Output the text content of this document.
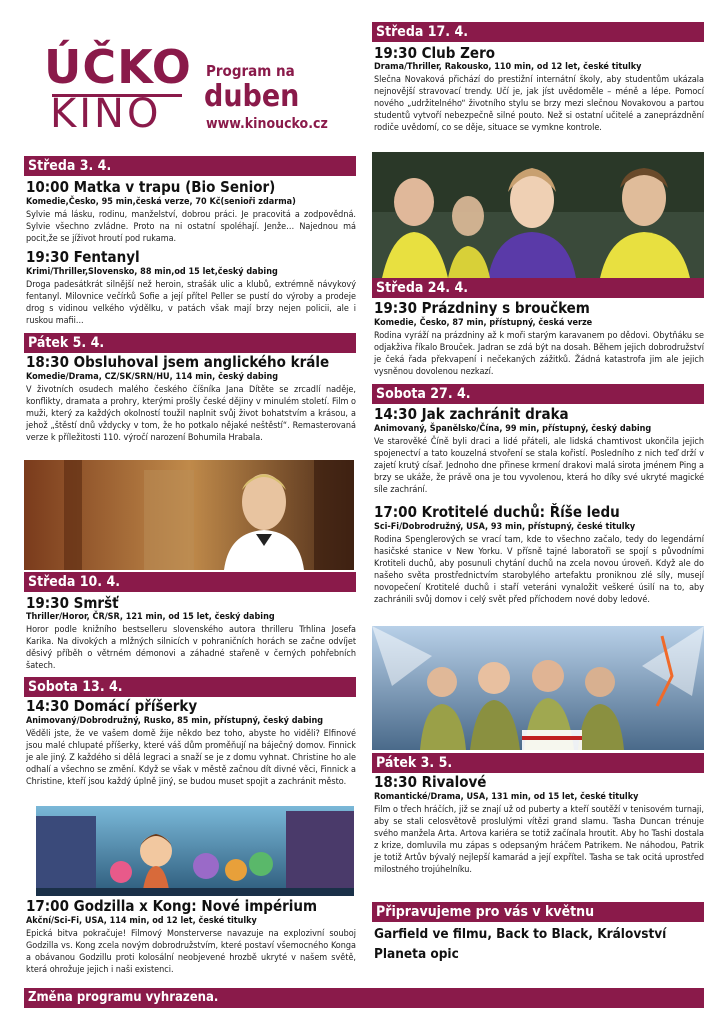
ÚČKO
KINO
Program na
duben
www.kinoucko.cz
Středa 3. 4.
10:00 Matka v trapu (Bio Senior)
Komedie,Česko, 95 min,česká verze, 70 Kč(senioři zdarma)
Sylvie má lásku, rodinu, manželství, dobrou práci. Je pracovitá a zodpovědná. Sylvie všechno zvládne. Proto na ni ostatní spoléhají. Jenže… Najednou má pocit,že se jíživot hroutí pod rukama.
19:30 Fentanyl
Krimi/Thriller,Slovensko, 88 min,od 15 let,český dabing
Droga padesátkrát silnější než heroin, strašák ulic a klubů, extrémně návykový fentanyl. Milovnice večírků Sofie a její přítel Peller se pustí do výroby a prodeje drog s vidinou velkého výdělku, v patách však mají brzy nejen policii, ale i ruskou mafii...
Pátek 5. 4.
18:30 Obsluhoval jsem anglického krále
Komedie/Drama, CZ/SK/SRN/HU, 114 min, český dabing
V životních osudech malého českého číšníka Jana Dítěte se zrcadlí naděje, konflikty, dramata a prohry, kterými prošly české dějiny v minulém století. Film o muži, který za každých okolností toužil naplnit svůj život bohatstvím a krásou, a jehož „štěstí dnů vždycky v tom, že ho potkalo nějaké neštěstí“. Remasterovaná verze k příležitosti 110. výročí narození Bohumila Hrabala.
Středa 10. 4.
19:30 Smršť
Thriller/Horor, ČR/SR, 121 min, od 15 let, český dabing
Horor podle knižního bestselleru slovenského autora thrilleru Trhlina Josefa Karika. Na divokých a mlžných silnicích v pohraničních horách se začne odvíjet děsivý příběh o větrném démonovi a záhadné stařeně v černých pohřebních šatech.
Sobota 13. 4.
14:30 Domácí příšerky
Animovaný/Dobrodružný, Rusko, 85 min, přístupný, český dabing
Věděli jste, že ve vašem domě žije někdo bez toho, abyste ho viděli? Elfinové jsou malé chlupaté příšerky, které váš dům proměňují na báječný domov. Finnick je ale jiný. Z každého si dělá legraci a snaží se je z domu vyhnat. Christine ho ale odhalí a všechno se změní. Když se však v městě začnou dít divné věci, Finnick a Christine, kteří jsou každý úplně jiný, se budou muset spojit a zachránit město.
17:00 Godzilla x Kong: Nové impérium
Akční/Sci-Fi, USA, 114 min, od 12 let, české titulky
Epická bitva pokračuje! Filmový Monsterverse navazuje na explozivní souboj Godzilla vs. Kong zcela novým dobrodružstvím, které postaví všemocného Konga a obávanou Godzillu proti kolosální neobjevené hrozbě ukryté v našem světě, která ohrožuje jejich i naši existenci.
Středa 17. 4.
19:30 Club Zero
Drama/Thriller, Rakousko, 110 min, od 12 let, české titulky
Slečna Novaková přichází do prestižní internátní školy, aby studentům ukázala nejnovější stravovací trendy. Učí je, jak jíst uvědoměle – méně a lépe. Pomocí nového „udržitelného“ životního stylu se brzy mezi slečnou Novakovou a partou studentů vytvoří nebezpečně silné pouto. Než si ostatní učitelé a zaneprázdnění rodiče uvědomí, co se děje, situace se vymkne kontrole.
Středa 24. 4.
19:30 Prázdniny s broučkem
Komedie, Česko, 87 min, přístupný, česká verze
Rodina vyráží na prázdniny až k moři starým karavanem po dědovi. Obytňáku se odjakživa říkalo Brouček. Jadran se zdá být na dosah. Během jejich dobrodružství je čeká řada překvapení i nečekaných zážitků. Žádná katastrofa jim ale jejich vysněnou dovolenou nezkazí.
Sobota 27. 4.
14:30 Jak zachránit draka
Animovaný, Španělsko/Čína, 99 min, přístupný, český dabing
Ve starověké Číně byli draci a lidé přáteli, ale lidská chamtivost ukončila jejich spojenectví a tato kouzelná stvoření se stala kořistí. Posledního z nich teď drží v zajetí krutý císař. Jednoho dne přinese krmení drakovi malá sirota jménem Ping a brzy se ukáže, že právě ona je tou vyvolenou, která ho díky své ukryté magické síle zachrání.
17:00 Krotitelé duchů: Říše ledu
Sci-Fi/Dobrodružný, USA, 93 min, přístupný, české titulky
Rodina Spenglerových se vrací tam, kde to všechno začalo, tedy do legendární hasičské stanice v New Yorku. V přísně tajné laboratoři se spojí s původními Krotiteli duchů, aby posunuli chytání duchů na zcela novou úroveň. Když ale do našeho světa prostřednictvím starobylého artefaktu proniknou zlé síly, musejí novopečení Krotitelé duchů i staří veteráni vynaložit veškeré úsilí na to, aby zachránili svůj domov i celý svět před příchodem nové doby ledové.
Pátek 3. 5.
18:30 Rivalové
Romantické/Drama, USA, 131 min, od 15 let, české titulky
Film o třech hráčích, již se znají už od puberty a kteří soutěží v tenisovém turnaji, aby se stali celosvětově proslulými vítězi grand slamu. Tasha Duncan trénuje svého manžela Arta. Artova kariéra se totiž začínala hroutit. Aby ho Tashi dostala z krize, domluvila mu zápas s odepsaným hráčem Patrikem. Ne náhodou, Patrik je totiž Artův bývalý nejlepší kamarád a její expřítel. Tasha se tak ocitá uprostřed milostného trojúhelníku.
Připravujeme pro vás v květnu
Garfield ve filmu, Back to Black, Království Planeta opic
Změna programu vyhrazena.
